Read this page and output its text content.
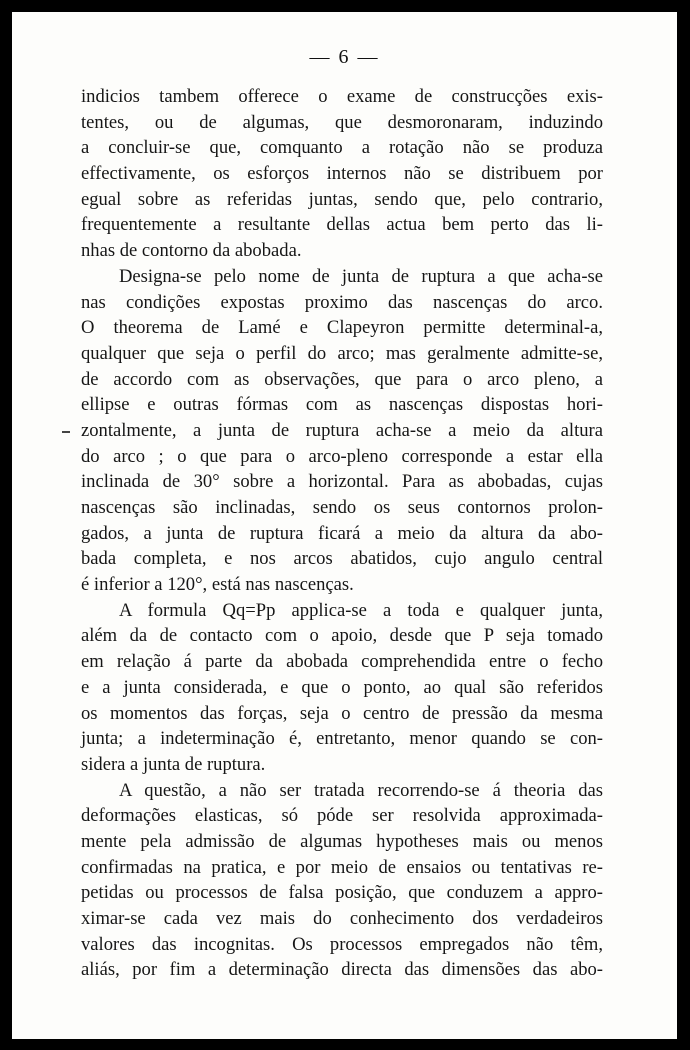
— 6 —
indicios tambem offerece o exame de construcções exis-
tentes, ou de algumas, que desmoronaram, induzindo
a concluir-se que, comquanto a rotação não se produza
effectivamente, os esforços internos não se distribuem por
egual sobre as referidas juntas, sendo que, pelo contrario,
frequentemente a resultante dellas actua bem perto das li-
nhas de contorno da abobada.
Designa-se pelo nome de junta de ruptura a que acha-se
nas condições expostas proximo das nascenças do arco.
O theorema de Lamé e Clapeyron permitte determinal-a,
qualquer que seja o perfil do arco; mas geralmente admitte-se,
de accordo com as observações, que para o arco pleno, a
ellipse e outras fórmas com as nascenças dispostas hori-
zontalmente, a junta de ruptura acha-se a meio da altura
do arco ; o que para o arco-pleno corresponde a estar ella
inclinada de 30° sobre a horizontal. Para as abobadas, cujas
nascenças são inclinadas, sendo os seus contornos prolon-
gados, a junta de ruptura ficará a meio da altura da abo-
bada completa, e nos arcos abatidos, cujo angulo central
é inferior a 120°, está nas nascenças.
A formula Qq=Pp applica-se a toda e qualquer junta,
além da de contacto com o apoio, desde que P seja tomado
em relação á parte da abobada comprehendida entre o fecho
e a junta considerada, e que o ponto, ao qual são referidos
os momentos das forças, seja o centro de pressão da mesma
junta; a indeterminação é, entretanto, menor quando se con-
sidera a junta de ruptura.
A questão, a não ser tratada recorrendo-se á theoria das
deformações elasticas, só póde ser resolvida approximada-
mente pela admissão de algumas hypotheses mais ou menos
confirmadas na pratica, e por meio de ensaios ou tentativas re-
petidas ou processos de falsa posição, que conduzem a appro-
ximar-se cada vez mais do conhecimento dos verdadeiros
valores das incognitas. Os processos empregados não têm,
aliás, por fim a determinação directa das dimensões das abo-
